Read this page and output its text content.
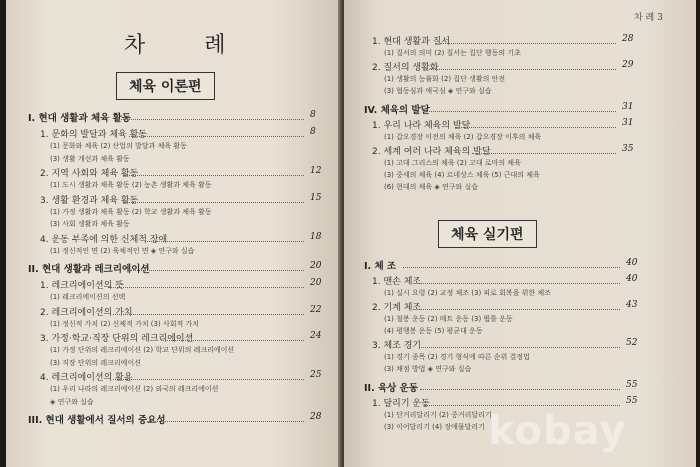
차 례
체육 이론편
I. 현대 생활과 체육 활동	8
1. 문화의 발달과 체육 활동	8
(1) 문화와 체육 (2) 산업의 발달과 체육 활동
(3) 생활 개선과 체육 활동
2. 지역 사회와 체육 활동	12
(1) 도시 생활과 체육 활동 (2) 농촌 생활과 체육 활동
3. 생활 환경과 체육 활동	15
(1) 가정 생활과 체육 활동 (2) 학교 생활과 체육 활동
(3) 사회 생활과 체육 활동
4. 운동 부족에 의한 신체적 장애	18
(1) 정신적인 면 (2) 육체적인 면 ◈ 연구와 실습
II. 현대 생활과 레크리에이션	20
1. 레크리에이션의 뜻	20
(1) 레크리에이션의 선택
2. 레크리에이션의 가치	22
(1) 정신적 가치 (2) 신체적 가치 (3) 사회적 가치
3. 가정·학교·직장 단위의 레크리에이션	24
(1) 가정 단위의 레크리에이션 (2) 학교 단위의 레크리에이션
(3) 직장 단위의 레크리에이션
4. 레크리에이션의 활용	25
(1) 우리 나라의 레크리에이션 (2) 외국의 레크리에이션
◈ 연구와 실습
III. 현대 생활에서 질서의 중요성	28
차 례 3
1. 현대 생활과 질서	28
(1) 질서의 의미 (2) 질서는 집단 행동의 기초
2. 질서의 생활화	29
(1) 생활의 능률화 (2) 집단 생활의 안전
(3) 협동심과 애국심 ◈ 연구와 실습
IV. 체육의 발달	31
1. 우리 나라 체육의 발달	31
(1) 갑오경장 이전의 체육 (2) 갑오경장 이후의 체육
2. 세계 여러 나라 체육의 발달	35
(1) 고대 그리스의 체육 (2) 고대 로마의 체육
(3) 중세의 체육 (4) 르네상스 체육 (5) 근대의 체육
(6) 현대의 체육 ◈ 연구와 실습
체육 실기편
I. 체 조	40
1. 맨손 체조	40
(1) 실시 요령 (2) 교정 체조 (3) 피로 회복을 위한 체조
2. 기계 체조	43
(1) 철봉 운동 (2) 매트 운동 (3) 뜀틀 운동
(4) 평행봉 운동 (5) 평균대 운동
3. 체조 경기	52
(1) 경기 종목 (2) 경기 형식에 따른 순위 결정법
(3) 채점 방법 ◈ 연구와 실습
II. 육상 운동	55
1. 달리기 운동	55
(1) 단거리달리기 (2) 중거리달리기
(3) 이어달리기 (4) 장애물달리기 kobay
